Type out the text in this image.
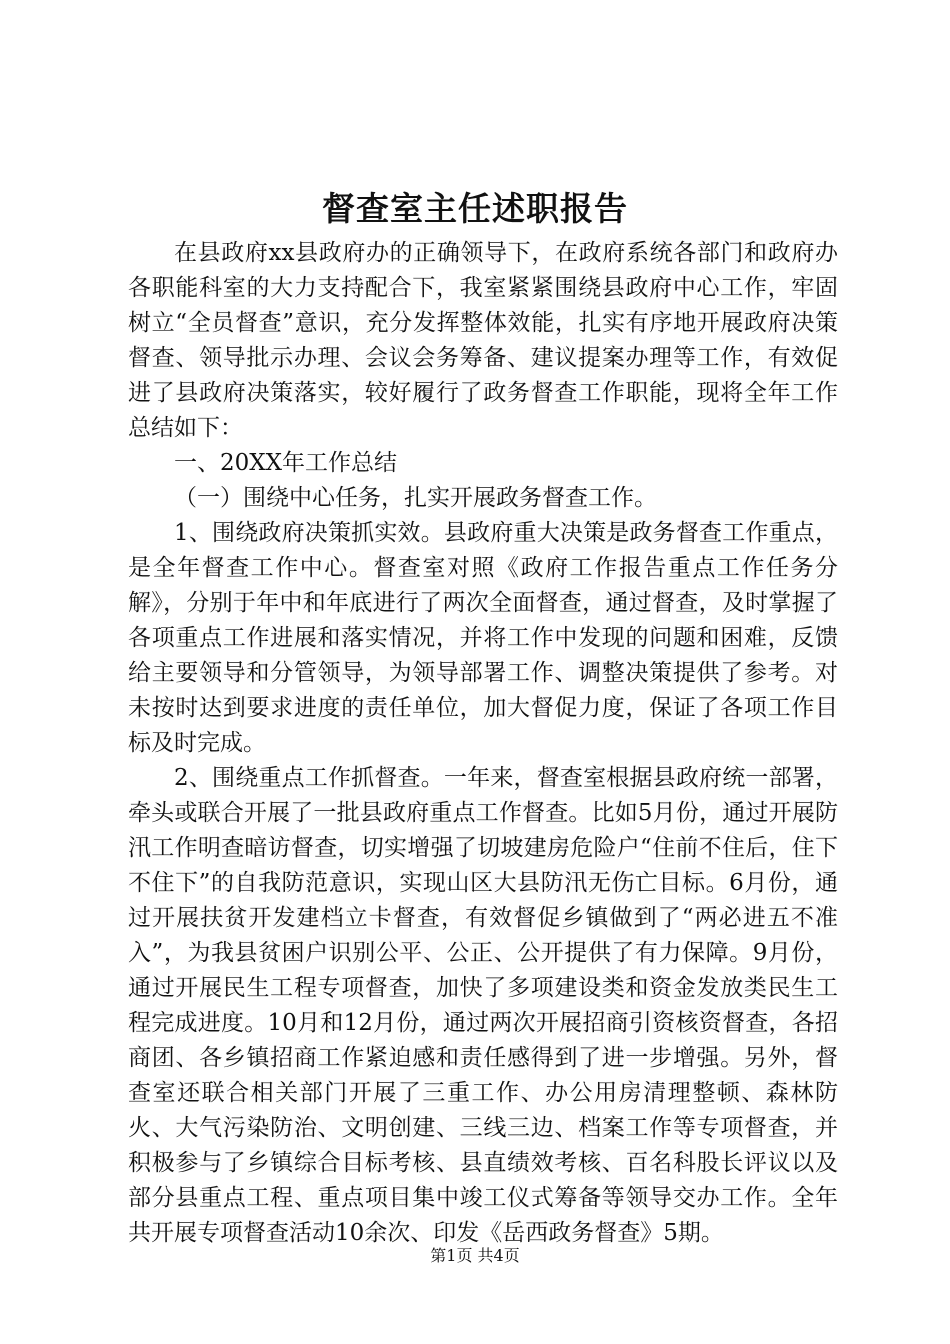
督查室主任述职报告

在县政府xx县政府办的正确领导下，在政府系统各部门和政府办各职能科室的大力支持配合下，我室紧紧围绕县政府中心工作，牢固树立“全员督查”意识，充分发挥整体效能，扎实有序地开展政府决策督查、领导批示办理、会议会务筹备、建议提案办理等工作，有效促进了县政府决策落实，较好履行了政务督查工作职能，现将全年工作总结如下：

一、20XX年工作总结

（一）围绕中心任务，扎实开展政务督查工作。

1、围绕政府决策抓实效。县政府重大决策是政务督查工作重点，是全年督查工作中心。督查室对照《政府工作报告重点工作任务分解》，分别于年中和年底进行了两次全面督查，通过督查，及时掌握了各项重点工作进展和落实情况，并将工作中发现的问题和困难，反馈给主要领导和分管领导，为领导部署工作、调整决策提供了参考。对未按时达到要求进度的责任单位，加大督促力度，保证了各项工作目标及时完成。

2、围绕重点工作抓督查。一年来，督查室根据县政府统一部署，牵头或联合开展了一批县政府重点工作督查。比如5月份，通过开展防汛工作明查暗访督查，切实增强了切坡建房危险户“住前不住后，住下不住下”的自我防范意识，实现山区大县防汛无伤亡目标。6月份，通过开展扶贫开发建档立卡督查，有效督促乡镇做到了“两必进五不准入”，为我县贫困户识别公平、公正、公开提供了有力保障。9月份，通过开展民生工程专项督查，加快了多项建设类和资金发放类民生工程完成进度。10月和12月份，通过两次开展招商引资核资督查，各招商团、各乡镇招商工作紧迫感和责任感得到了进一步增强。另外，督查室还联合相关部门开展了三重工作、办公用房清理整顿、森林防火、大气污染防治、文明创建、三线三边、档案工作等专项督查，并积极参与了乡镇综合目标考核、县直绩效考核、百名科股长评议以及部分县重点工程、重点项目集中竣工仪式筹备等领导交办工作。全年共开展专项督查活动10余次、印发《岳西政务督查》5期。

第1页 共4页
